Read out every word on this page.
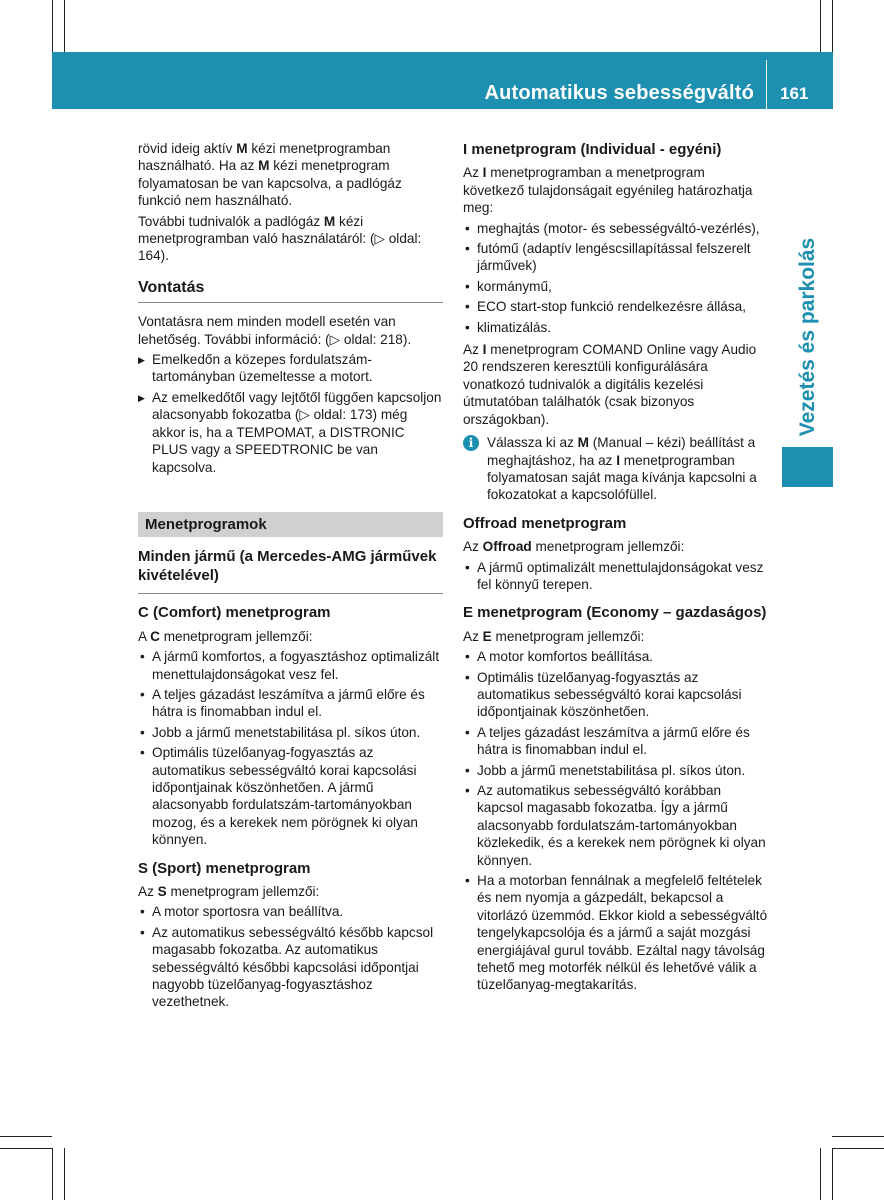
Automatikus sebességváltó 161
Vezetés és parkolás

rövid ideig aktív M kézi menetprogramban használható. Ha az M kézi menetprogram folyamatosan be van kapcsolva, a padlógáz funkció nem használható.

További tudnivalók a padlógáz M kézi menetprogramban való használatáról: (▷ oldal: 164).

Vontatás

Vontatásra nem minden modell esetén van lehetőség. További információ: (▷ oldal: 218).

▶ Emelkedőn a közepes fordulatszám-tartományban üzemeltesse a motort.
▶ Az emelkedőtől vagy lejtőtől függően kapcsoljon alacsonyabb fokozatba (▷ oldal: 173) még akkor is, ha a TEMPOMAT, a DISTRONIC PLUS vagy a SPEEDTRONIC be van kapcsolva.
Menetprogramok
Minden jármű (a Mercedes-AMG járművek kivételével)
C (Comfort) menetprogram

A C menetprogram jellemzői:

• A jármű komfortos, a fogyasztáshoz optimalizált menettulajdonságokat vesz fel.
• A teljes gázadást leszámítva a jármű előre és hátra is finomabban indul el.
• Jobb a jármű menetstabilitása pl. síkos úton.
• Optimális tüzelőanyag-fogyasztás az automatikus sebességváltó korai kapcsolási időpontjainak köszönhetően. A jármű alacsonyabb fordulatszám-tartományokban mozog, és a kerekek nem pörögnek ki olyan könnyen.
S (Sport) menetprogram

Az S menetprogram jellemzői:

• A motor sportosra van beállítva.
• Az automatikus sebességváltó később kapcsol magasabb fokozatba. Az automatikus sebességváltó későbbi kapcsolási időpontjai nagyobb tüzelőanyag-fogyasztáshoz vezethetnek.
I menetprogram (Individual - egyéni)

Az I menetprogramban a menetprogram következő tulajdonságait egyénileg határozhatja meg:

• meghajtás (motor- és sebességváltó-vezérlés),
• futómű (adaptív lengéscsillapítással felszerelt járművek)
• kormánymű,
• ECO start-stop funkció rendelkezésre állása,
• klimatizálás.

Az I menetprogram COMAND Online vagy Audio 20 rendszeren keresztüli konfigurálására vonatkozó tudnivalók a digitális kezelési útmutatóban találhatók (csak bizonyos országokban).

i	Válassza ki az M (Manual – kézi) beállítást a meghajtáshoz, ha az I menetprogramban folyamatosan saját maga kívánja kapcsolni a fokozatokat a kapcsolófüllel.
Offroad menetprogram

Az Offroad menetprogram jellemzői:

• A jármű optimalizált menettulajdonságokat vesz fel könnyű terepen.
E menetprogram (Economy – gazdaságos)

Az E menetprogram jellemzői:

• A motor komfortos beállítása.
• Optimális tüzelőanyag-fogyasztás az automatikus sebességváltó korai kapcsolási időpontjainak köszönhetően.
• A teljes gázadást leszámítva a jármű előre és hátra is finomabban indul el.
• Jobb a jármű menetstabilitása pl. síkos úton.
• Az automatikus sebességváltó korábban kapcsol magasabb fokozatba. Így a jármű alacsonyabb fordulatszám-tartományokban közlekedik, és a kerekek nem pörögnek ki olyan könnyen.
• Ha a motorban fennálnak a megfelelő feltételek és nem nyomja a gázpedált, bekapcsol a vitorlázó üzemmód. Ekkor kiold a sebességváltó tengelykapcsolója és a jármű a saját mozgási energiájával gurul tovább. Ezáltal nagy távolság tehető meg motorfék nélkül és lehetővé válik a tüzelőanyag-megtakarítás.
